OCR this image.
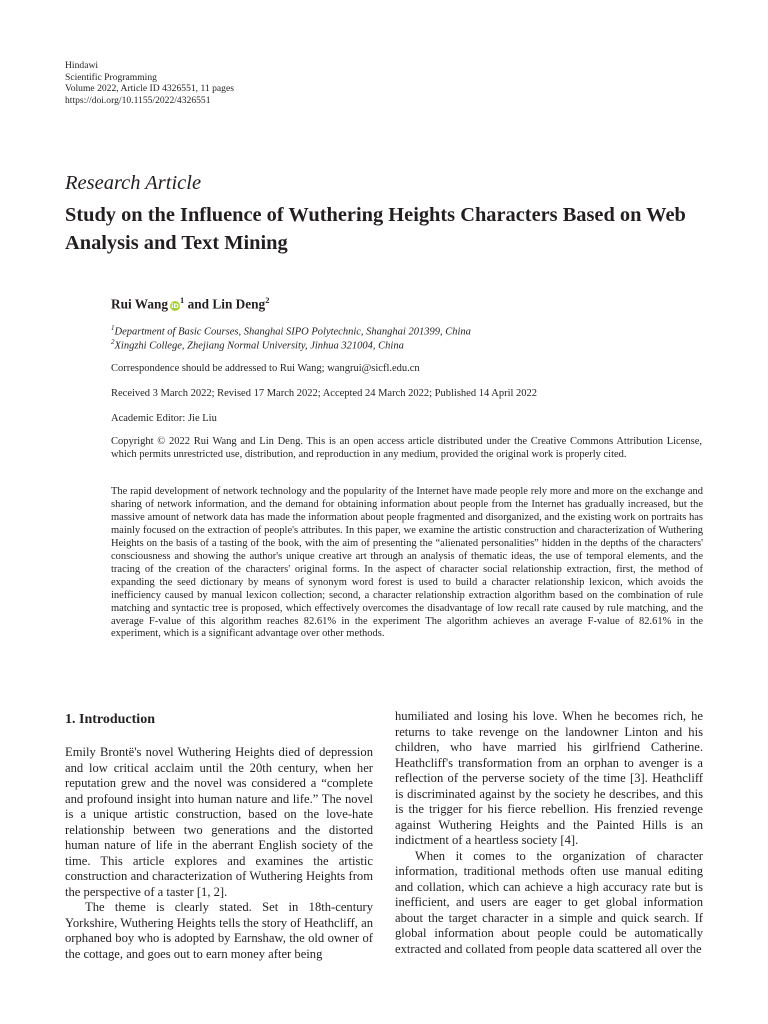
Hindawi
Scientific Programming
Volume 2022, Article ID 4326551, 11 pages
https://doi.org/10.1155/2022/4326551
Research Article
Study on the Influence of Wuthering Heights Characters Based on Web Analysis and Text Mining
Rui Wang $iD^1$ and Lin Deng$^2$
$^1$Department of Basic Courses, Shanghai SIPO Polytechnic, Shanghai 201399, China
$^2$Xingzhi College, Zhejiang Normal University, Jinhua 321004, China
Correspondence should be addressed to Rui Wang; wangrui@sicfl.edu.cn
Received 3 March 2022; Revised 17 March 2022; Accepted 24 March 2022; Published 14 April 2022
Academic Editor: Jie Liu
Copyright © 2022 Rui Wang and Lin Deng. This is an open access article distributed under the Creative Commons Attribution License, which permits unrestricted use, distribution, and reproduction in any medium, provided the original work is properly cited.
The rapid development of network technology and the popularity of the Internet have made people rely more and more on the exchange and sharing of network information, and the demand for obtaining information about people from the Internet has gradually increased, but the massive amount of network data has made the information about people fragmented and disorganized, and the existing work on portraits has mainly focused on the extraction of people's attributes. In this paper, we examine the artistic construction and characterization of Wuthering Heights on the basis of a tasting of the book, with the aim of presenting the “alienated personalities” hidden in the depths of the characters' consciousness and showing the author's unique creative art through an analysis of thematic ideas, the use of temporal elements, and the tracing of the creation of the characters' original forms. In the aspect of character social relationship extraction, first, the method of expanding the seed dictionary by means of synonym word forest is used to build a character relationship lexicon, which avoids the inefficiency caused by manual lexicon collection; second, a character relationship extraction algorithm based on the combination of rule matching and syntactic tree is proposed, which effectively overcomes the disadvantage of low recall rate caused by rule matching, and the average F-value of this algorithm reaches 82.61% in the experiment The algorithm achieves an average F-value of 82.61% in the experiment, which is a significant advantage over other methods.
1. Introduction

Emily Brontë's novel Wuthering Heights died of depression and low critical acclaim until the 20th century, when her reputation grew and the novel was considered a “complete and profound insight into human nature and life.” The novel is a unique artistic construction, based on the love-hate relationship between two generations and the distorted human nature of life in the aberrant English society of the time. This article explores and examines the artistic construction and characterization of Wuthering Heights from the perspective of a taster [1, 2].

The theme is clearly stated. Set in 18th-century Yorkshire, Wuthering Heights tells the story of Heathcliff, an orphaned boy who is adopted by Earnshaw, the old owner of the cottage, and goes out to earn money after being

humiliated and losing his love. When he becomes rich, he returns to take revenge on the landowner Linton and his children, who have married his girlfriend Catherine. Heathcliff's transformation from an orphan to avenger is a reflection of the perverse society of the time [3]. Heathcliff is discriminated against by the society he describes, and this is the trigger for his fierce rebellion. His frenzied revenge against Wuthering Heights and the Painted Hills is an indictment of a heartless society [4].

When it comes to the organization of character information, traditional methods often use manual editing and collation, which can achieve a high accuracy rate but is inefficient, and users are eager to get global information about the target character in a simple and quick search. If global information about people could be automatically extracted and collated from people data scattered all over the
